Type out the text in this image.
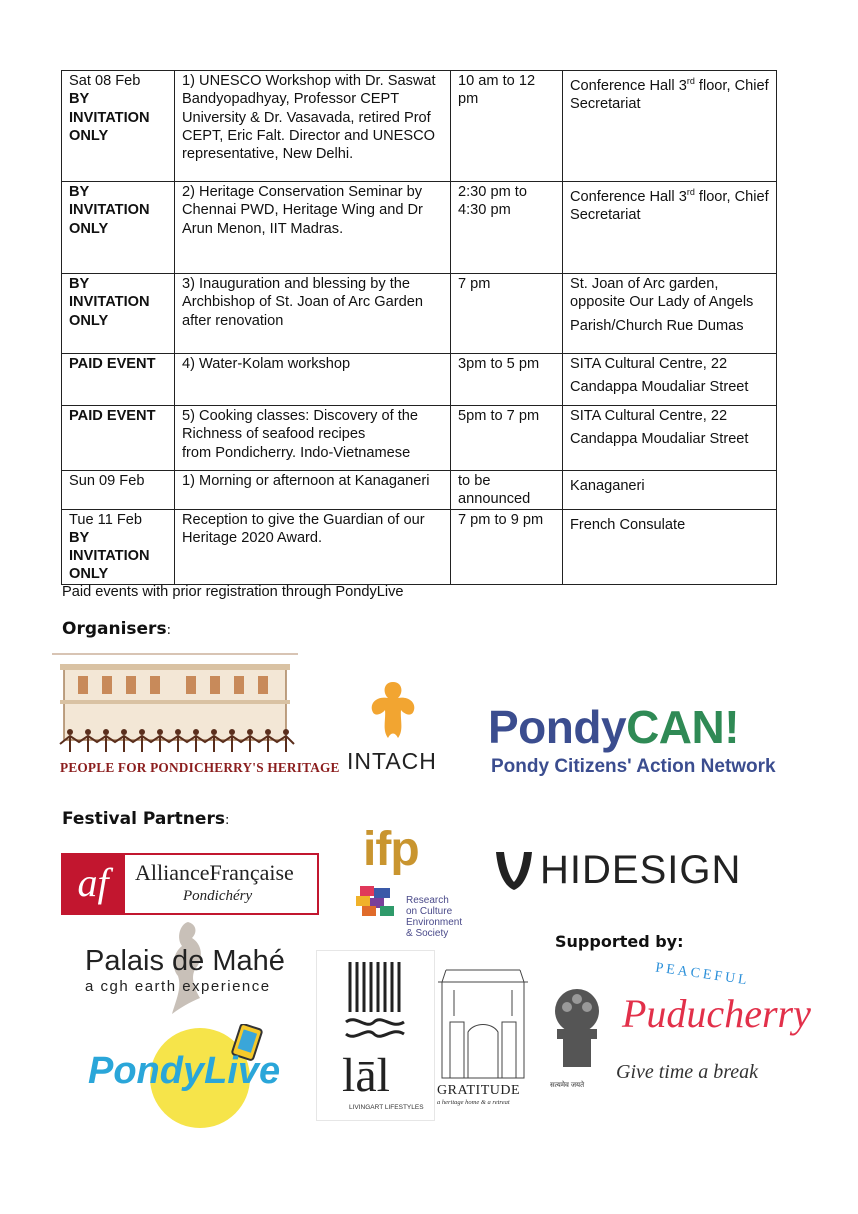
Sat 08 Feb
BY
INVITATION
ONLY	1) UNESCO Workshop with Dr. Saswat Bandyopadhyay, Professor CEPT University & Dr. Vasavada, retired Prof CEPT, Eric Falt. Director and UNESCO representative, New Delhi.	10 am to 12 pm	Conference Hall 3rd floor, Chief Secretariat

BY
INVITATION
ONLY	2) Heritage Conservation Seminar by Chennai PWD, Heritage Wing and Dr Arun Menon, IIT Madras.	2:30 pm to 4:30 pm	Conference Hall 3rd floor, Chief Secretariat

BY
INVITATION
ONLY	3) Inauguration and blessing by the Archbishop of St. Joan of Arc Garden after renovation	7 pm	St. Joan of Arc garden, opposite Our Lady of Angels Parish/Church Rue Dumas

PAID EVENT	4) Water-Kolam workshop	3pm to 5 pm	SITA Cultural Centre, 22 Candappa Moudaliar Street

PAID EVENT	5) Cooking classes: Discovery of the Richness of seafood recipes
from Pondicherry. Indo-Vietnamese	5pm to 7 pm	SITA Cultural Centre, 22 Candappa Moudaliar Street

Sun 09 Feb	1) Morning or afternoon at Kanaganeri	to be
announced	Kanaganeri

Tue 11 Feb
BY
INVITATION
ONLY	Reception to give the Guardian of our Heritage 2020 Award.	7 pm to 9 pm	French Consulate
Paid events with prior registration through PondyLive
Organisers:
PEOPLE FOR PONDICHERRY'S HERITAGE INTACH
PondyCAN!
Pondy Citizens' Action Network
Festival Partners:
af	AllianceFrançaise
Pondichéry
ifp
Research
on Culture
Environment
& Society
HIDESIGN
Supported by:
Palais de Mahé
a cgh earth experience
PondyLive lāl
LIVINGART LIFESTYLES
GRATITUDE
a heritage home & a retreat
सत्यमेव जयते
PEACEFUL
Puducherry
Give time a break
